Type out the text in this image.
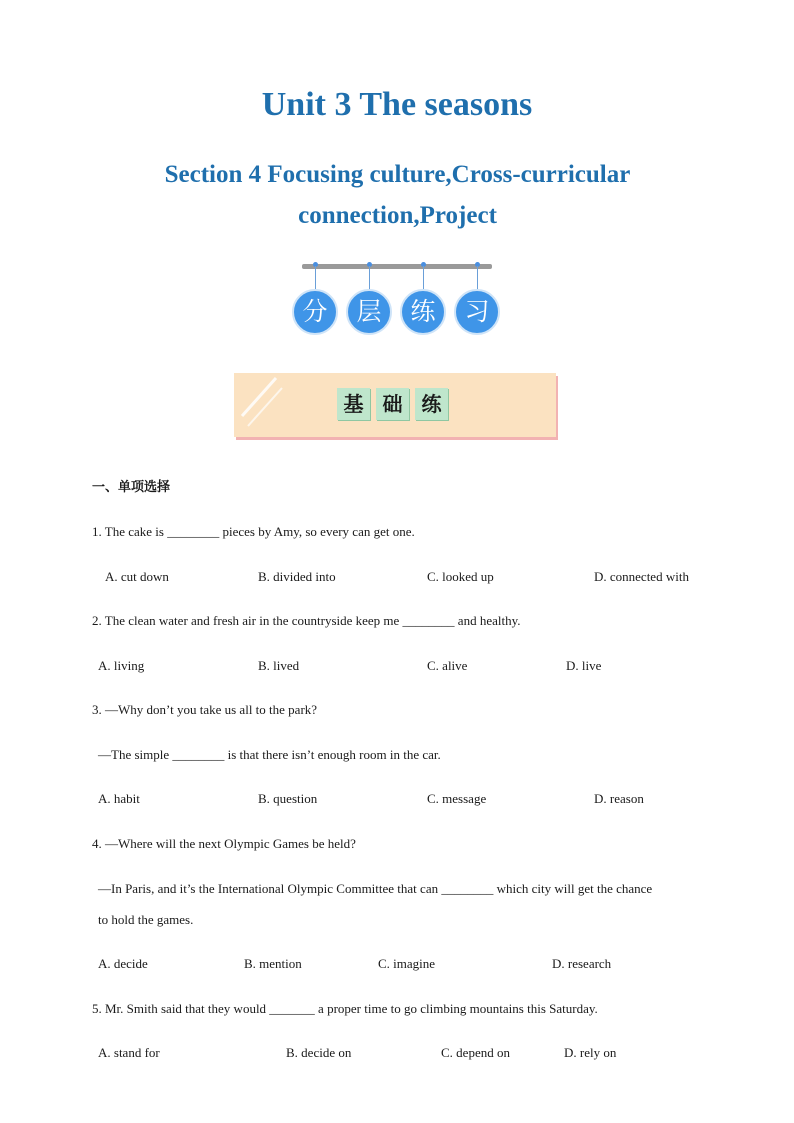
Unit 3 The seasons
Section 4 Focusing culture,Cross-curricular connection,Project
分	层	练	习
基 础 练
一、单项选择
1. The cake is ________ pieces by Amy, so every can get one.
A. cut down	B. divided into	C. looked up	D. connected with
2. The clean water and fresh air in the countryside keep me ________ and healthy.
A. living	B. lived	C. alive	D. live
3. —Why don’t you take us all to the park?
—The simple ________ is that there isn’t enough room in the car.
A. habit	B. question	C. message	D. reason
4. —Where will the next Olympic Games be held?
—In Paris, and it’s the International Olympic Committee that can ________ which city will get the chance
to hold the games.
A. decide	B. mention	C. imagine	D. research
5. Mr. Smith said that they would _______ a proper time to go climbing mountains this Saturday.
A. stand for	B. decide on	C. depend on	D. rely on
